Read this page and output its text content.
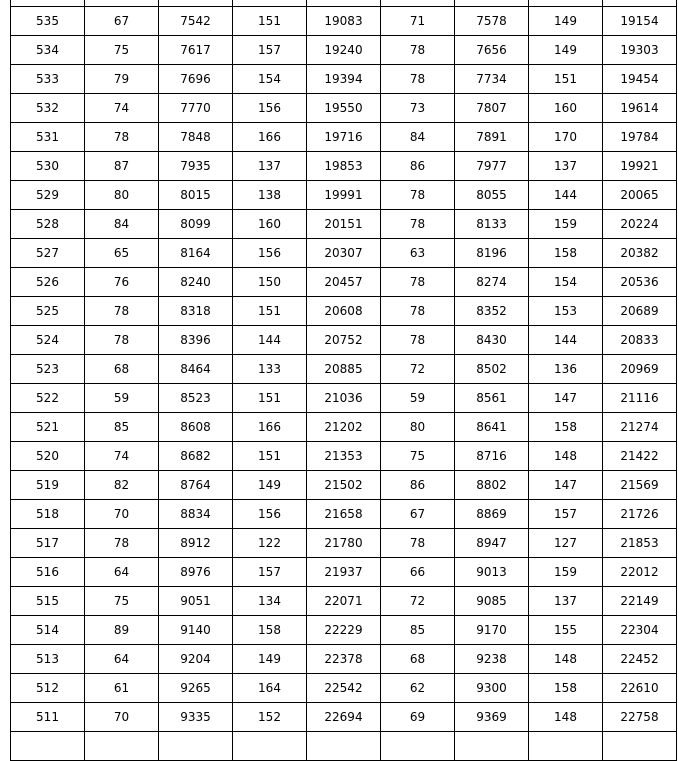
535	67	7542	151	19083	71	7578	149	19154
534	75	7617	157	19240	78	7656	149	19303
533	79	7696	154	19394	78	7734	151	19454
532	74	7770	156	19550	73	7807	160	19614
531	78	7848	166	19716	84	7891	170	19784
530	87	7935	137	19853	86	7977	137	19921
529	80	8015	138	19991	78	8055	144	20065
528	84	8099	160	20151	78	8133	159	20224
527	65	8164	156	20307	63	8196	158	20382
526	76	8240	150	20457	78	8274	154	20536
525	78	8318	151	20608	78	8352	153	20689
524	78	8396	144	20752	78	8430	144	20833
523	68	8464	133	20885	72	8502	136	20969
522	59	8523	151	21036	59	8561	147	21116
521	85	8608	166	21202	80	8641	158	21274
520	74	8682	151	21353	75	8716	148	21422
519	82	8764	149	21502	86	8802	147	21569
518	70	8834	156	21658	67	8869	157	21726
517	78	8912	122	21780	78	8947	127	21853
516	64	8976	157	21937	66	9013	159	22012
515	75	9051	134	22071	72	9085	137	22149
514	89	9140	158	22229	85	9170	155	22304
513	64	9204	149	22378	68	9238	148	22452
512	61	9265	164	22542	62	9300	158	22610
511	70	9335	152	22694	69	9369	148	22758
